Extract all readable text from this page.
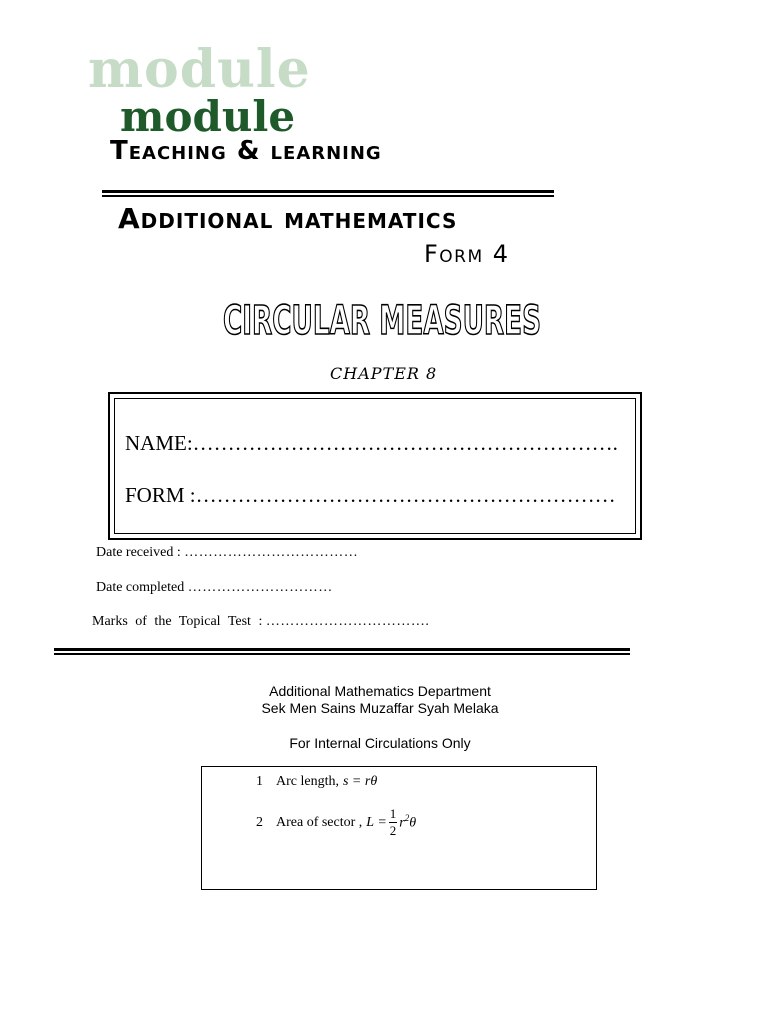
module
module
Teaching & learning
Additional mathematics
Form 4
CIRCULAR MEASURES
CHAPTER 8
NAME:…………………………………………………….
FORM :……………………………………………………
Date received : ………………………………
Date completed …………………………
Marks of the Topical Test : …………………………….
Additional Mathematics Department
Sek Men Sains Muzaffar Syah Melaka
For Internal Circulations Only
1 Arc length, s = rθ
2 Area of sector , $L = \frac{1}{2} r^2\theta$
